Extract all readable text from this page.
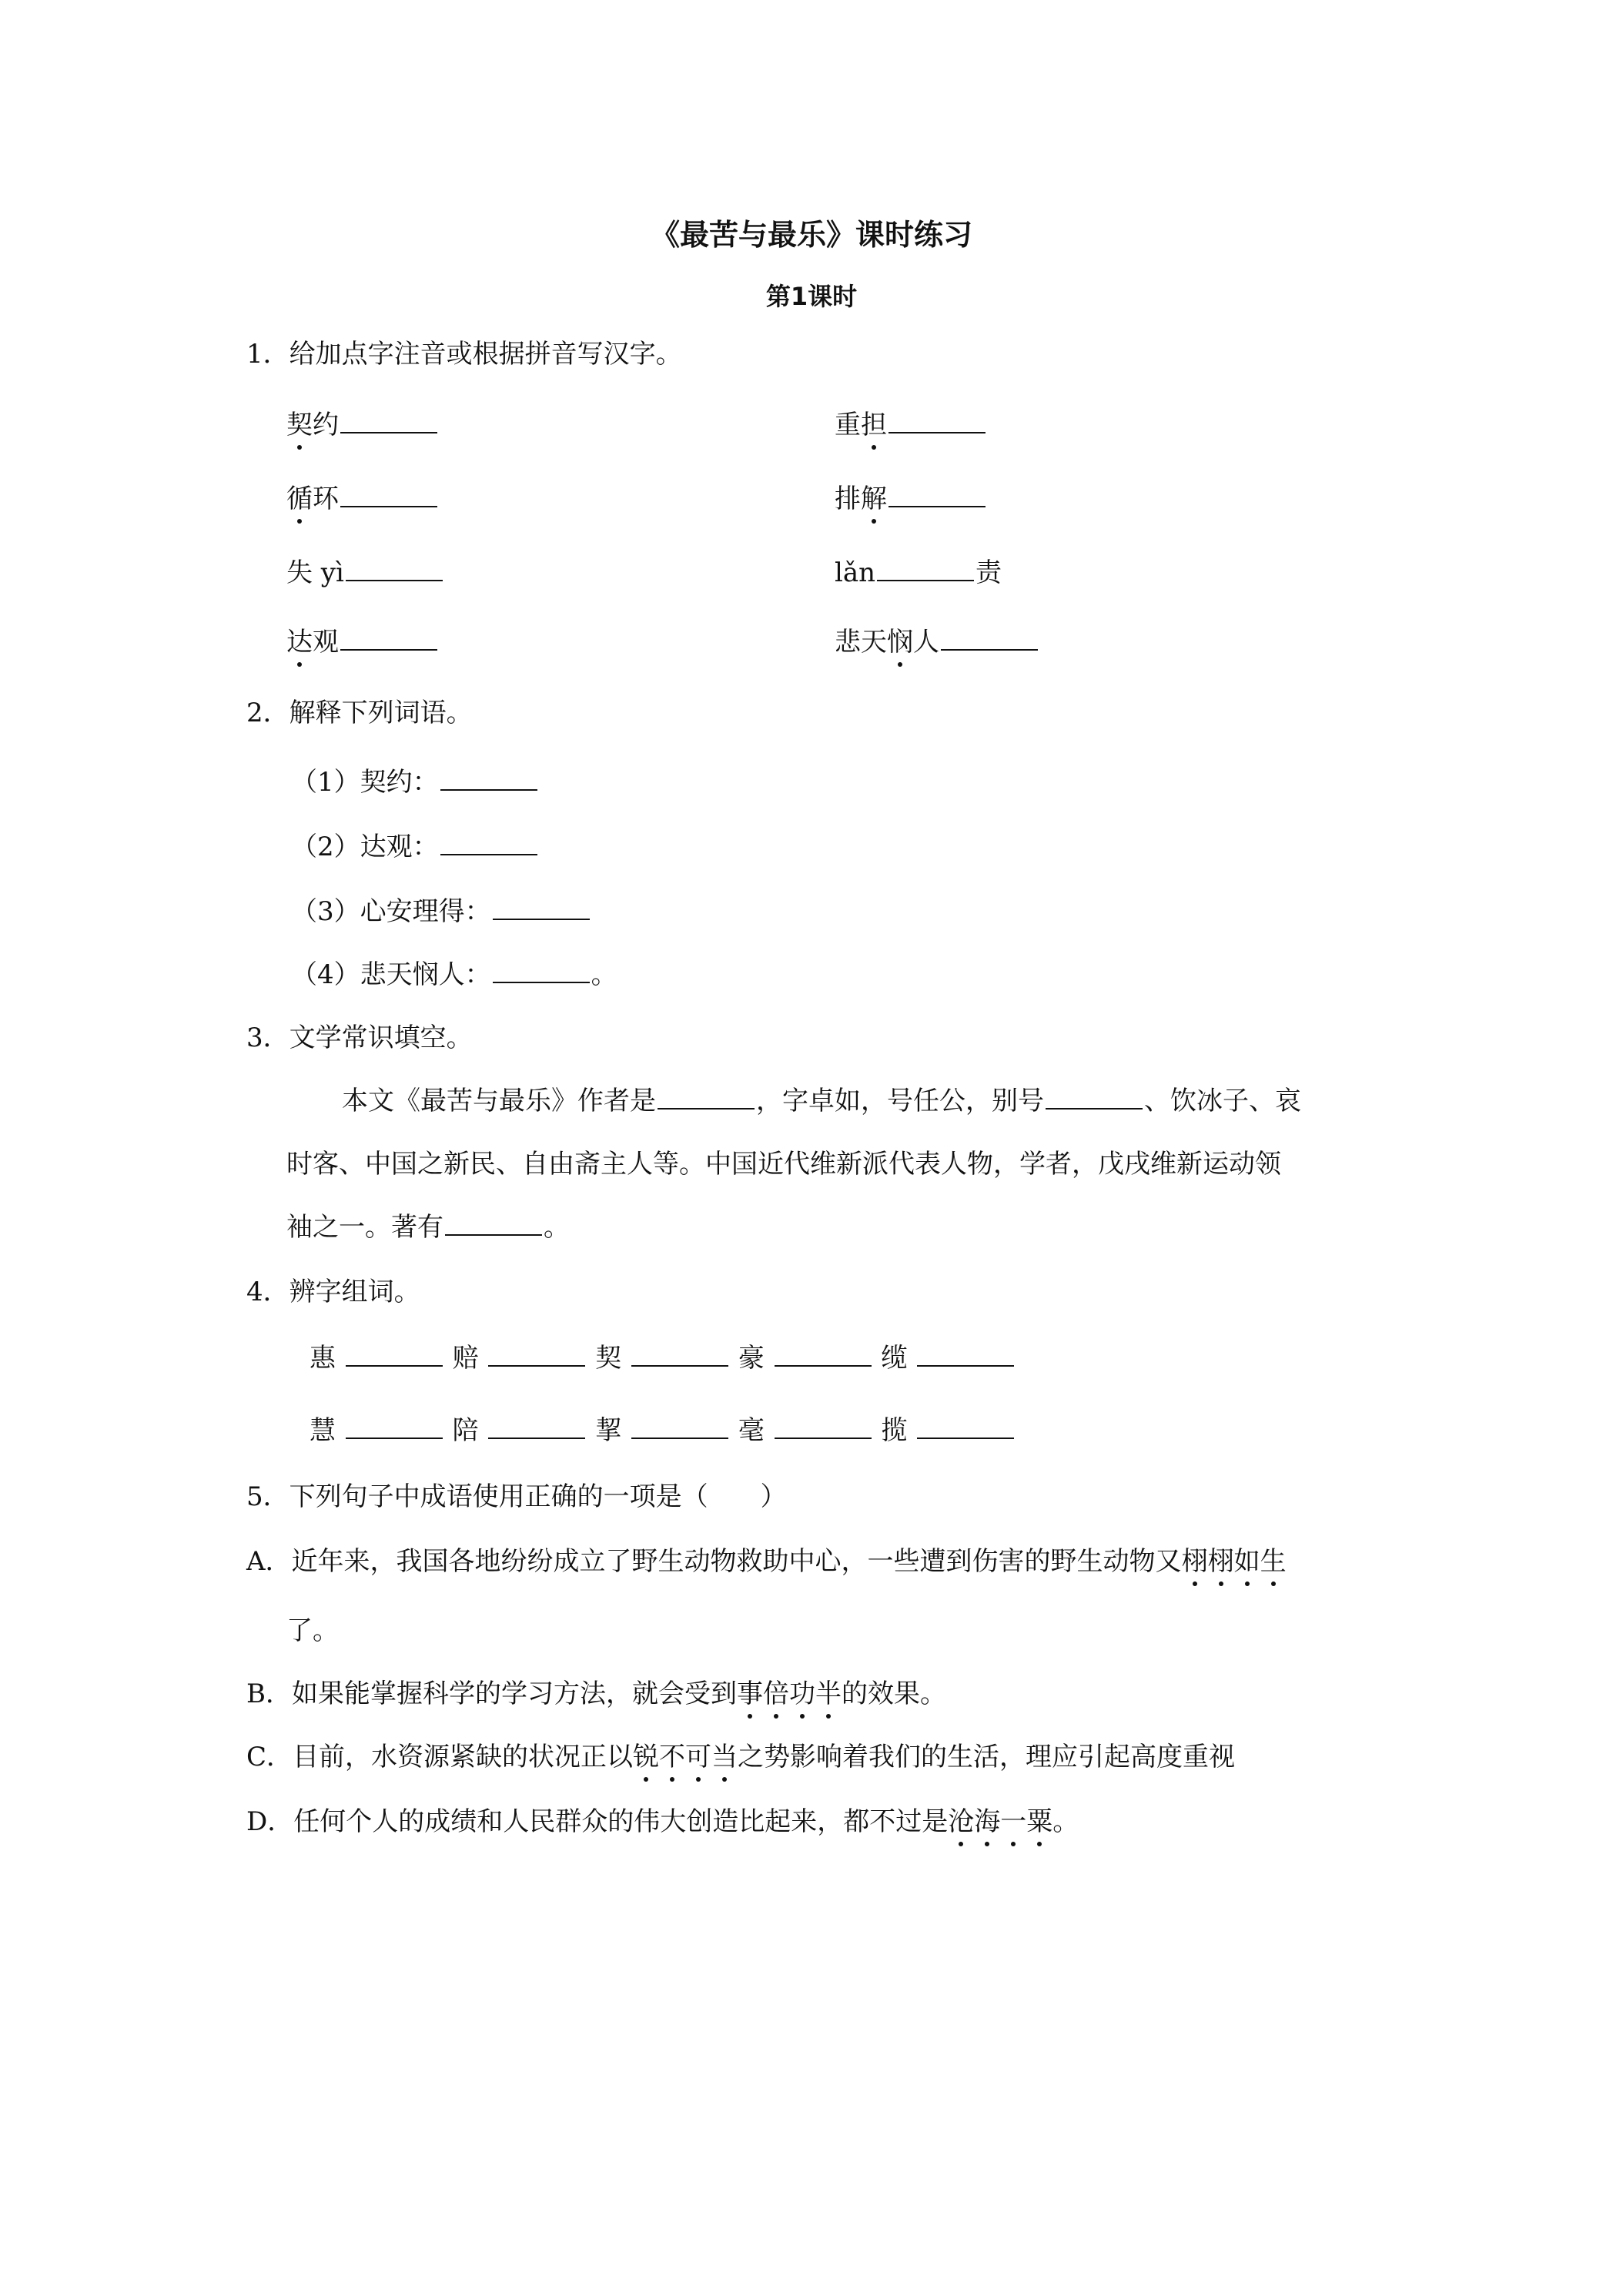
《最苦与最乐》课时练习
第1课时
1．给加点字注音或根据拼音写汉字。
契约	重担
循环	排解
失 yì	lǎn	责
达观	悲天悯人
2．解释下列词语。
（1）契约：
（2）达观：
（3）心安理得：
（4）悲天悯人：	。
3．文学常识填空。
本文《最苦与最乐》作者是	，字卓如，号任公，别号	、饮冰子、哀
时客、中国之新民、自由斋主人等。中国近代维新派代表人物，学者，戊戌维新运动领
袖之一。著有	。
4．辨字组词。
惠	赔	契	豪	缆
慧	陪	挈	毫	揽
5．下列句子中成语使用正确的一项是（　　）
A．近年来，我国各地纷纷成立了野生动物救助中心，一些遭到伤害的野生动物又栩栩如生
了。
B．如果能掌握科学的学习方法，就会受到事倍功半的效果。
C．目前，水资源紧缺的状况正以锐不可当之势影响着我们的生活，理应引起高度重视
D．任何个人的成绩和人民群众的伟大创造比起来，都不过是沧海一粟。
